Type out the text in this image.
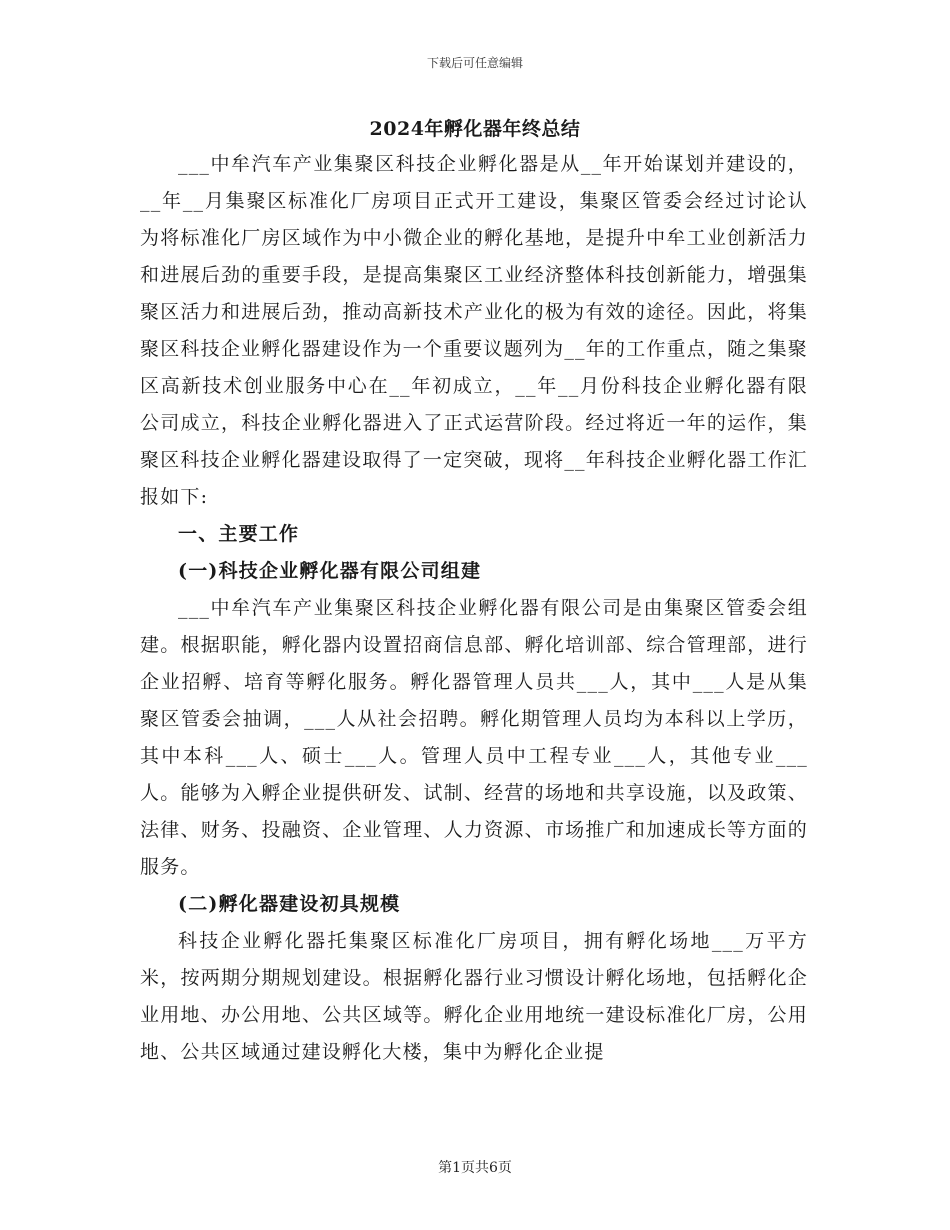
下载后可任意编辑
2024年孵化器年终总结

___中牟汽车产业集聚区科技企业孵化器是从__年开始谋划并建设的，__年__月集聚区标准化厂房项目正式开工建设，集聚区管委会经过讨论认为将标准化厂房区域作为中小微企业的孵化基地，是提升中牟工业创新活力和进展后劲的重要手段，是提高集聚区工业经济整体科技创新能力，增强集聚区活力和进展后劲，推动高新技术产业化的极为有效的途径。因此，将集聚区科技企业孵化器建设作为一个重要议题列为__年的工作重点，随之集聚区高新技术创业服务中心在__年初成立，__年__月份科技企业孵化器有限公司成立，科技企业孵化器进入了正式运营阶段。经过将近一年的运作，集聚区科技企业孵化器建设取得了一定突破，现将__年科技企业孵化器工作汇报如下:

一、主要工作

(一)科技企业孵化器有限公司组建

___中牟汽车产业集聚区科技企业孵化器有限公司是由集聚区管委会组建。根据职能，孵化器内设置招商信息部、孵化培训部、综合管理部，进行企业招孵、培育等孵化服务。孵化器管理人员共___人，其中___人是从集聚区管委会抽调，___人从社会招聘。孵化期管理人员均为本科以上学历，其中本科___人、硕士___人。管理人员中工程专业___人，其他专业___人。能够为入孵企业提供研发、试制、经营的场地和共享设施，以及政策、法律、财务、投融资、企业管理、人力资源、市场推广和加速成长等方面的服务。

(二)孵化器建设初具规模

科技企业孵化器托集聚区标准化厂房项目，拥有孵化场地___万平方米，按两期分期规划建设。根据孵化器行业习惯设计孵化场地，包括孵化企业用地、办公用地、公共区域等。孵化企业用地统一建设标准化厂房，公用地、公共区域通过建设孵化大楼，集中为孵化企业提

第1页共6页
